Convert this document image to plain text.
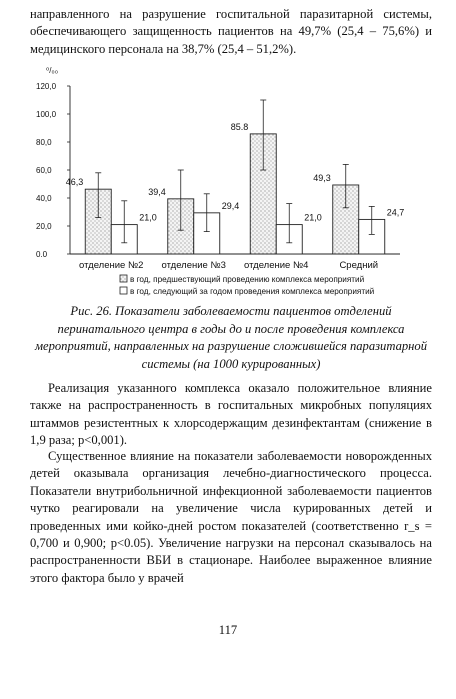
направленного на разрушение госпитальной паразитарной системы, обеспечивающего защищенность пациентов на 49,7% (25,4 – 75,6%) и медицинского персонала на 38,7% (25,4 – 51,2%).

⁰/₀₀
0.0
20,0
40,0
60,0
80,0
100,0
120,0
46,3
21,0
39,4
29,4
85.8
21,0
49,3
24,7
отделение №2 отделение №3 отделение №4	Средний
в год, предшествующий проведению комплекса мероприятий
в год, следующий за годом проведения комплекса мероприятий

Рис. 26. Показатели заболеваемости пациентов отделений перинатального центра в годы до и после проведения комплекса мероприятий, направленных на разрушение сложившейся паразитарной системы (на 1000 курированных)

Реализация указанного комплекса оказало положительное влияние также на распространенность в госпитальных микробных популяциях штаммов резистентных к хлорсодержащим дезинфектантам (снижение в 1,9 раза; p<0,001).

Существенное влияние на показатели заболеваемости новорожденных детей оказывала организация лечебно-диагностического процесса. Показатели внутрибольничной инфекционной заболеваемости пациентов чутко реагировали на увеличение числа курированных детей и проведенных ими койко-дней ростом показателей (соответственно r_s = 0,700 и 0,900; p<0.05). Увеличение нагрузки на персонал сказывалось на распространенности ВБИ в стационаре. Наиболее выраженное влияние этого фактора было у врачей

117
